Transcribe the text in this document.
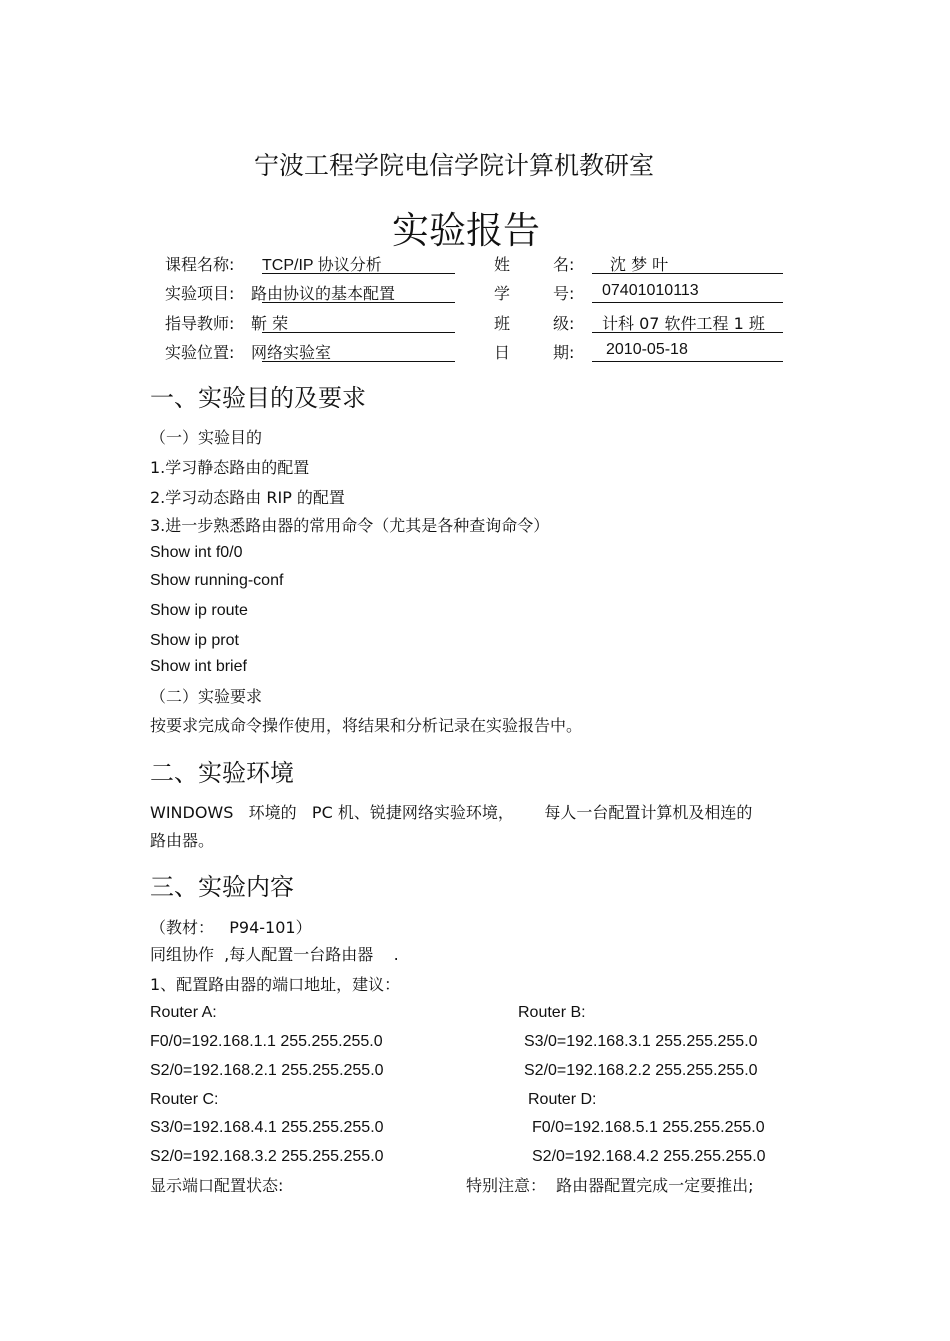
宁波工程学院电信学院计算机教研室
实验报告
课程名称: TCP/IP 协议分析	姓	名: 沈 梦 叶
实验项目: 路由协议的基本配置	学	号: 07401010113
指导教师: 靳 荣	班	级: 计科 07 软件工程 1 班
实验位置: 网络实验室	日	期: 2010-05-18
一、实验目的及要求
（一）实验目的
1.学习静态路由的配置
2.学习动态路由 RIP 的配置
3.进一步熟悉路由器的常用命令（尤其是各种查询命令）
Show int f0/0
Show running-conf
Show ip route
Show ip prot
Show int brief
（二）实验要求
按要求完成命令操作使用，将结果和分析记录在实验报告中。
二、实验环境
WINDOWS   环境的   PC 机、锐捷网络实验环境，      每人一台配置计算机及相连的
路由器。
三、实验内容
（教材：   P94-101）
同组协作  ,每人配置一台路由器    .
1、配置路由器的端口地址，建议：
Router A:	Router B:
F0/0=192.168.1.1 255.255.255.0	S3/0=192.168.3.1 255.255.255.0
S2/0=192.168.2.1 255.255.255.0	S2/0=192.168.2.2 255.255.255.0
Router C:	Router D:
S3/0=192.168.4.1 255.255.255.0	F0/0=192.168.5.1 255.255.255.0
S2/0=192.168.3.2 255.255.255.0	S2/0=192.168.4.2 255.255.255.0
显示端口配置状态:	特别注意：  路由器配置完成一定要推出;
